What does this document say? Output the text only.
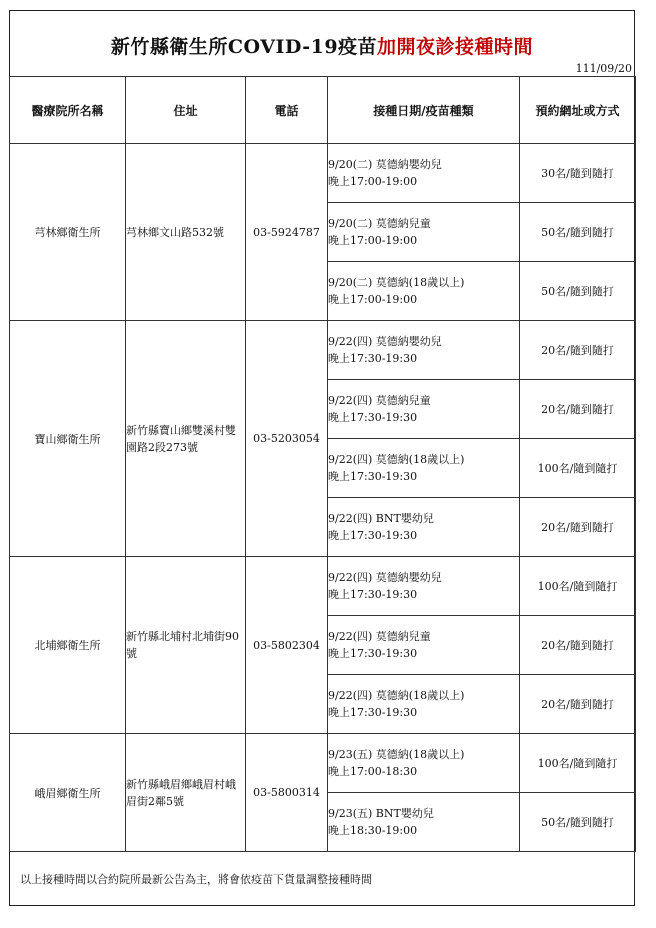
新竹縣衛生所COVID-19疫苗加開夜診接種時間
111/09/20
醫療院所名稱	住址	電話	接種日期/疫苗種類	預約網址或方式
芎林鄉衛生所	芎林鄉文山路532號	03-5924787	9/20(二) 莫德納嬰幼兒
晚上17:00-19:00	30名/隨到隨打

			9/20(二) 莫德納兒童
晚上17:00-19:00	50名/隨到隨打

			9/20(二) 莫德納(18歲以上)
晚上17:00-19:00	50名/隨到隨打
寶山鄉衛生所	新竹縣寶山鄉雙溪村雙園路2段273號	03-5203054	9/22(四) 莫德納嬰幼兒
晚上17:30-19:30	20名/隨到隨打

			9/22(四) 莫德納兒童
晚上17:30-19:30	20名/隨到隨打

			9/22(四) 莫德納(18歲以上)
晚上17:30-19:30	100名/隨到隨打

			9/22(四) BNT嬰幼兒
晚上17:30-19:30	20名/隨到隨打
北埔鄉衛生所	新竹縣北埔村北埔街90號	03-5802304	9/22(四) 莫德納嬰幼兒
晚上17:30-19:30	100名/隨到隨打

			9/22(四) 莫德納兒童
晚上17:30-19:30	20名/隨到隨打

			9/22(四) 莫德納(18歲以上)
晚上17:30-19:30	20名/隨到隨打
峨眉鄉衛生所	新竹縣峨眉鄉峨眉村峨眉街2鄰5號	03-5800314	9/23(五) 莫德納(18歲以上)
晚上17:00-18:30	100名/隨到隨打

			9/23(五) BNT嬰幼兒
晚上18:30-19:00	50名/隨到隨打
以上接種時間以合約院所最新公告為主，將會依疫苗下貨量調整接種時間
